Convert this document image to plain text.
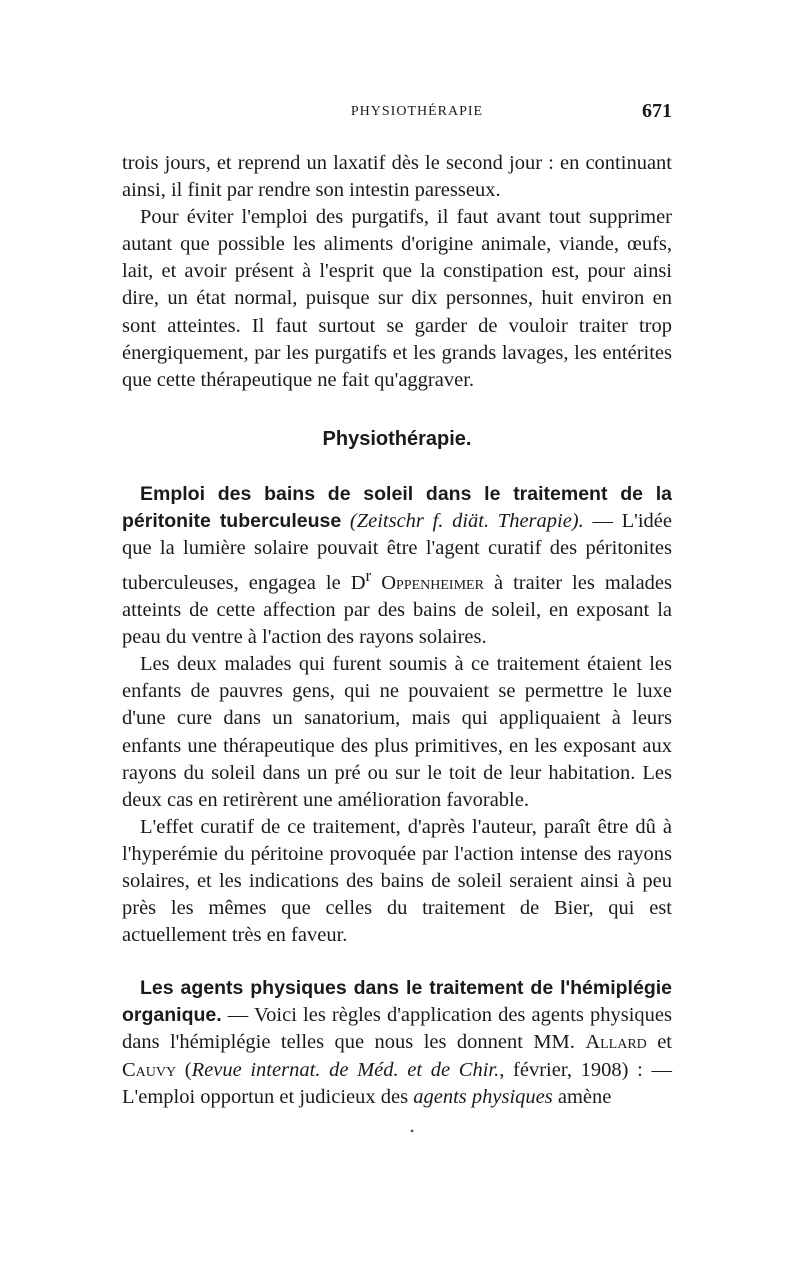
PHYSIOTHÉRAPIE	671

trois jours, et reprend un laxatif dès le second jour : en continuant ainsi, il finit par rendre son intestin paresseux.

Pour éviter l'emploi des purgatifs, il faut avant tout supprimer autant que possible les aliments d'origine animale, viande, œufs, lait, et avoir présent à l'esprit que la constipation est, pour ainsi dire, un état normal, puisque sur dix personnes, huit environ en sont atteintes. Il faut surtout se garder de vouloir traiter trop énergiquement, par les purgatifs et les grands lavages, les entérites que cette thérapeutique ne fait qu'aggraver.

Physiothérapie.

Emploi des bains de soleil dans le traitement de la péritonite tuberculeuse (Zeitschr f. diät. Therapie). — L'idée que la lumière solaire pouvait être l'agent curatif des péritonites tuberculeuses, engagea le $D^r$ Oppenheimer à traiter les malades atteints de cette affection par des bains de soleil, en exposant la peau du ventre à l'action des rayons solaires.

Les deux malades qui furent soumis à ce traitement étaient les enfants de pauvres gens, qui ne pouvaient se permettre le luxe d'une cure dans un sanatorium, mais qui appliquaient à leurs enfants une thérapeutique des plus primitives, en les exposant aux rayons du soleil dans un pré ou sur le toit de leur habitation. Les deux cas en retirèrent une amélioration favorable.

L'effet curatif de ce traitement, d'après l'auteur, paraît être dû à l'hyperémie du péritoine provoquée par l'action intense des rayons solaires, et les indications des bains de soleil seraient ainsi à peu près les mêmes que celles du traitement de Bier, qui est actuellement très en faveur.

Les agents physiques dans le traitement de l'hémiplégie organique. — Voici les règles d'application des agents physiques dans l'hémiplégie telles que nous les donnent MM. Allard et Cauvy (Revue internat. de Méd. et de Chir., février, 1908) : — L'emploi opportun et judicieux des agents physiques amène

•
